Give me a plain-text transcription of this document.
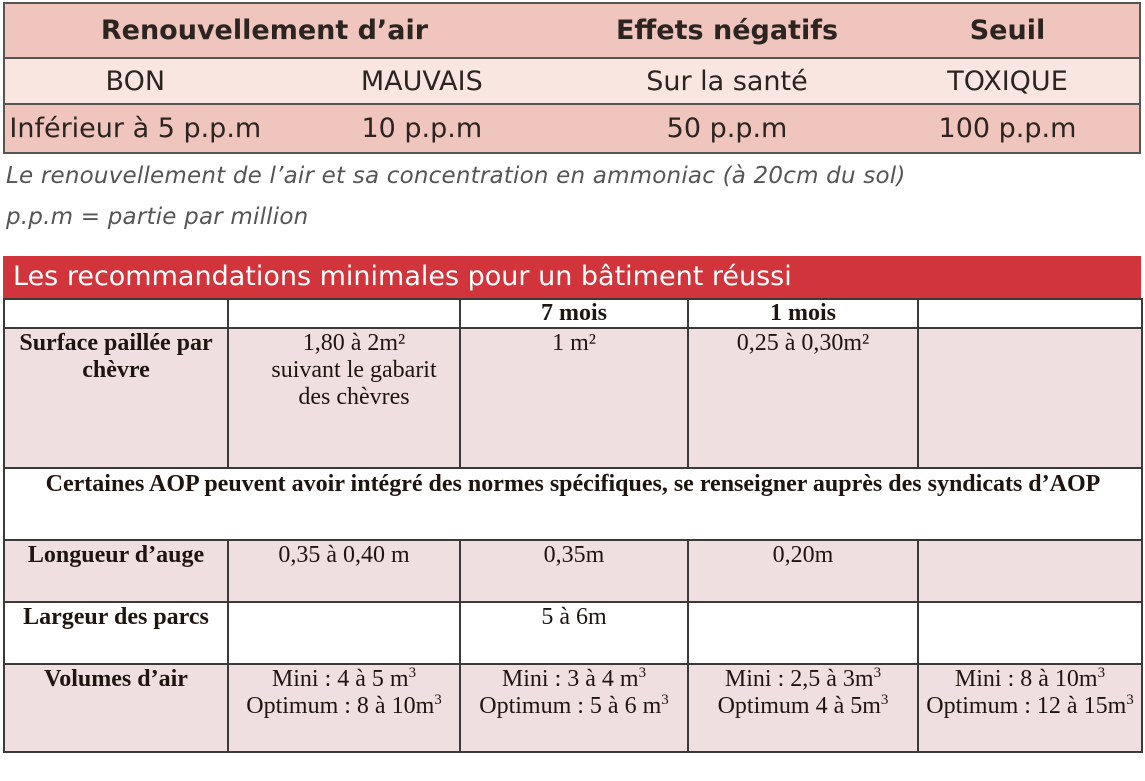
Renouvellement d’air		Effets négatifs	Seuil
BON	MAUVAIS	Sur la santé	TOXIQUE
Inférieur à 5 p.p.m	10 p.p.m	50 p.p.m	100 p.p.m
Le renouvellement de l’air et sa concentration en ammoniac (à 20cm du sol)
p.p.m = partie par million
Les recommandations minimales pour un bâtiment réussi
		7 mois	1 mois	
Surface paillée par chèvre	1,80 à 2m² suivant le gabarit des chèvres	1 m²	0,25 à 0,30m²	
Certaines AOP peuvent avoir intégré des normes spécifiques, se renseigner auprès des syndicats d’AOP				
Longueur d’auge	0,35 à 0,40 m	0,35m	0,20m	
Largeur des parcs		5 à 6m		
Volumes d’air	Mini : 4 à 5 $m^3$ Optimum : 8 à $10m^3$	Mini : 3 à 4 $m^3$ Optimum : 5 à 6 $m^3$	Mini : 2,5 à $3m^3$ Optimum 4 à $5m^3$	Mini : 8 à $10m^3$ Optimum : 12 à $15m^3$
